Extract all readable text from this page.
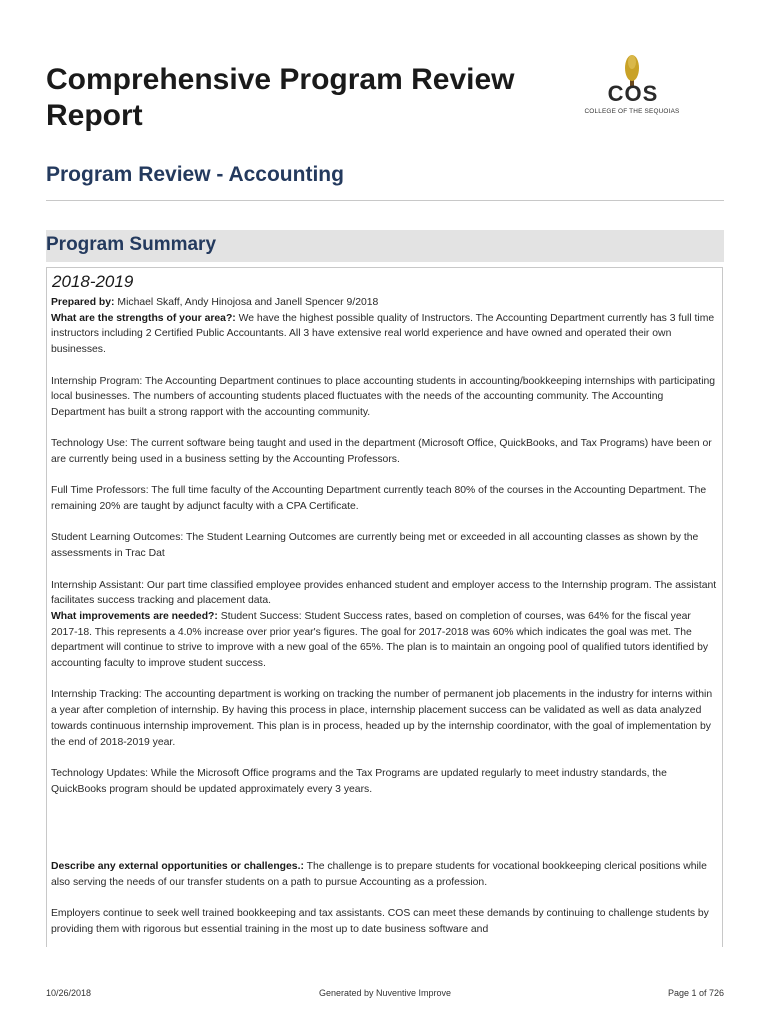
Comprehensive Program Review Report
COS
COLLEGE OF THE SEQUOIAS
Program Review - Accounting
Program Summary
2018-2019

Prepared by: Michael Skaff, Andy Hinojosa and Janell Spencer 9/2018

What are the strengths of your area?: We have the highest possible quality of Instructors. The Accounting Department currently has 3 full time instructors including 2 Certified Public Accountants. All 3 have extensive real world experience and have owned and operated their own businesses.

Internship Program: The Accounting Department continues to place accounting students in accounting/bookkeeping internships with participating local businesses. The numbers of accounting students placed fluctuates with the needs of the accounting community. The Accounting Department has built a strong rapport with the accounting community.

Technology Use: The current software being taught and used in the department (Microsoft Office, QuickBooks, and Tax Programs) have been or are currently being used in a business setting by the Accounting Professors.

Full Time Professors: The full time faculty of the Accounting Department currently teach 80% of the courses in the Accounting Department. The remaining 20% are taught by adjunct faculty with a CPA Certificate.

Student Learning Outcomes: The Student Learning Outcomes are currently being met or exceeded in all accounting classes as shown by the assessments in Trac Dat

Internship Assistant: Our part time classified employee provides enhanced student and employer access to the Internship program. The assistant facilitates success tracking and placement data.

What improvements are needed?: Student Success: Student Success rates, based on completion of courses, was 64% for the fiscal year 2017-18. This represents a 4.0% increase over prior year's figures. The goal for 2017-2018 was 60% which indicates the goal was met. The department will continue to strive to improve with a new goal of the 65%. The plan is to maintain an ongoing pool of qualified tutors identified by accounting faculty to improve student success.

Internship Tracking: The accounting department is working on tracking the number of permanent job placements in the industry for interns within a year after completion of internship. By having this process in place, internship placement success can be validated as well as data analyzed towards continuous internship improvement. This plan is in process, headed up by the internship coordinator, with the goal of implementation by the end of 2018-2019 year.

Technology Updates: While the Microsoft Office programs and the Tax Programs are updated regularly to meet industry standards, the QuickBooks program should be updated approximately every 3 years.

Describe any external opportunities or challenges.: The challenge is to prepare students for vocational bookkeeping clerical positions while also serving the needs of our transfer students on a path to pursue Accounting as a profession.

Employers continue to seek well trained bookkeeping and tax assistants. COS can meet these demands by continuing to challenge students by providing them with rigorous but essential training in the most up to date business software and

10/26/2018	Generated by Nuventive Improve	Page 1 of 726
